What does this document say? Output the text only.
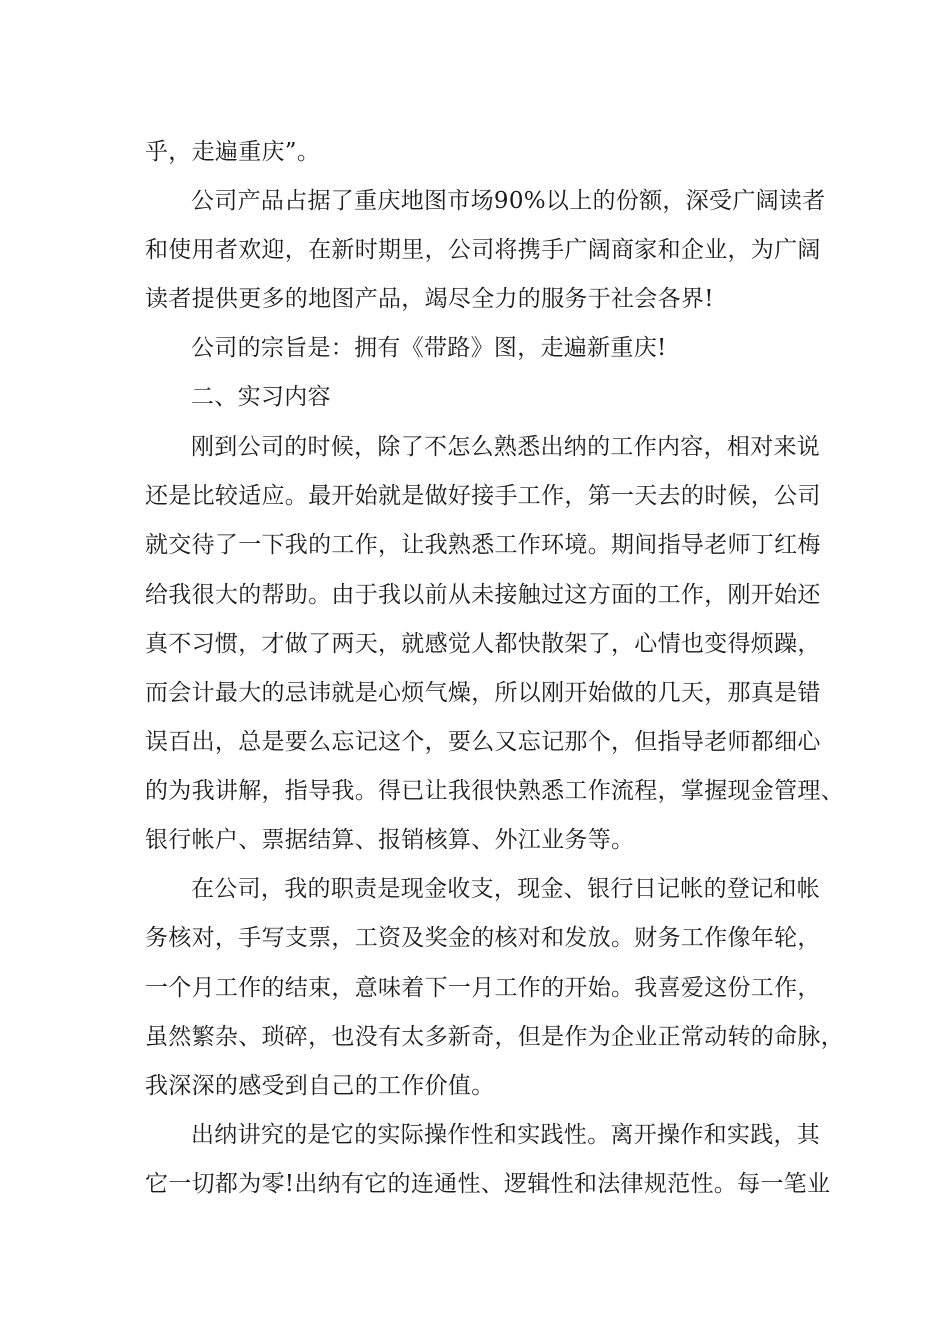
乎，走遍重庆”。
公司产品占据了重庆地图市场90%以上的份额，深受广阔读者
和使用者欢迎，在新时期里，公司将携手广阔商家和企业，为广阔
读者提供更多的地图产品，竭尽全力的服务于社会各界!
公司的宗旨是：拥有《带路》图，走遍新重庆!
二、实习内容
刚到公司的时候，除了不怎么熟悉出纳的工作内容，相对来说
还是比较适应。最开始就是做好接手工作，第一天去的时候，公司
就交待了一下我的工作，让我熟悉工作环境。期间指导老师丁红梅
给我很大的帮助。由于我以前从未接触过这方面的工作，刚开始还
真不习惯，才做了两天，就感觉人都快散架了，心情也变得烦躁，
而会计最大的忌讳就是心烦气燥，所以刚开始做的几天，那真是错
误百出，总是要么忘记这个，要么又忘记那个，但指导老师都细心
的为我讲解，指导我。得已让我很快熟悉工作流程，掌握现金管理、
银行帐户、票据结算、报销核算、外江业务等。
在公司，我的职责是现金收支，现金、银行日记帐的登记和帐
务核对，手写支票，工资及奖金的核对和发放。财务工作像年轮，
一个月工作的结束，意味着下一月工作的开始。我喜爱这份工作，
虽然繁杂、琐碎，也没有太多新奇，但是作为企业正常动转的命脉，
我深深的感受到自己的工作价值。
出纳讲究的是它的实际操作性和实践性。离开操作和实践，其
它一切都为零!出纳有它的连通性、逻辑性和法律规范性。每一笔业
